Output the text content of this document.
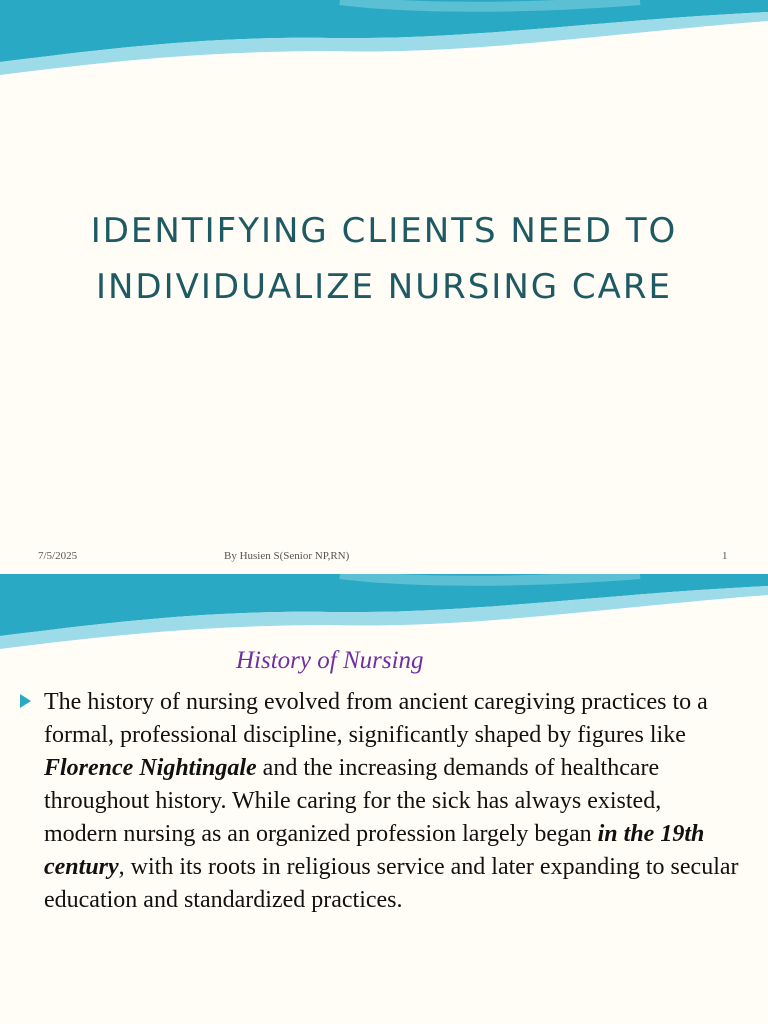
IDENTIFYING CLIENTS NEED TO
INDIVIDUALIZE NURSING CARE
7/5/2025	By Husien S(Senior NP,RN)	1
History of Nursing
The history of nursing evolved from ancient caregiving practices to a formal, professional discipline, significantly shaped by figures like Florence Nightingale and the increasing demands of healthcare throughout history. While caring for the sick has always existed, modern nursing as an organized profession largely began in the 19th century, with its roots in religious service and later expanding to secular education and standardized practices.
